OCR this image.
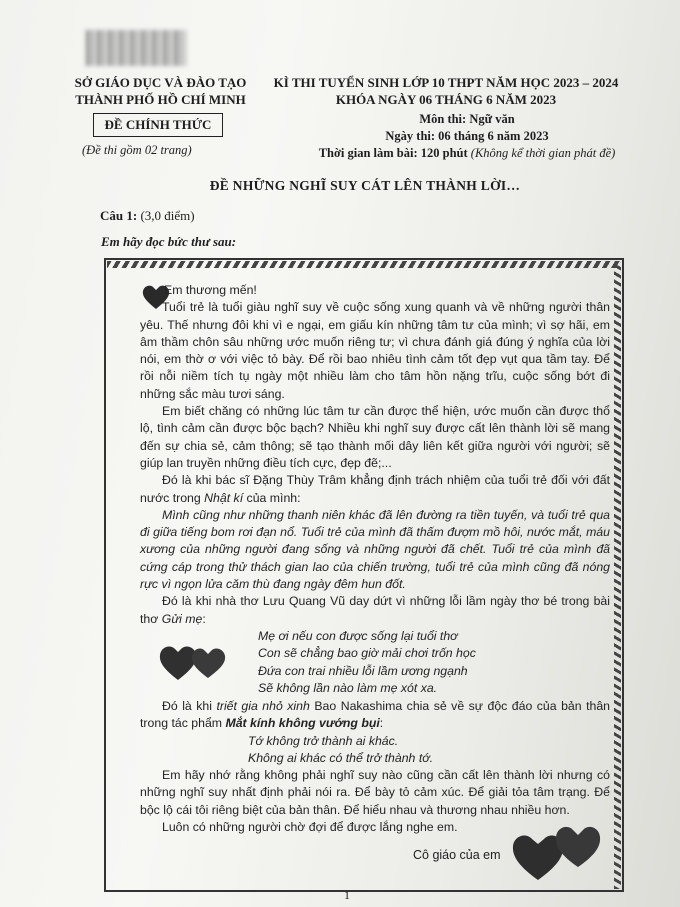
SỞ GIÁO DỤC VÀ ĐÀO TẠO
THÀNH PHỐ HỒ CHÍ MINH
ĐỀ CHÍNH THỨC
(Đề thi gồm 02 trang)
KÌ THI TUYỂN SINH LỚP 10 THPT NĂM HỌC 2023 – 2024
KHÓA NGÀY 06 THÁNG 6 NĂM 2023
Môn thi: Ngữ văn
Ngày thi: 06 tháng 6 năm 2023
Thời gian làm bài: 120 phút (Không kể thời gian phát đề)
ĐỀ NHỮNG NGHĨ SUY CÁT LÊN THÀNH LỜI…
Câu 1: (3,0 điểm)
Em hãy đọc bức thư sau:

Em thương mến!

Tuổi trẻ là tuổi giàu nghĩ suy về cuộc sống xung quanh và về những người thân yêu. Thế nhưng đôi khi vì e ngại, em giấu kín những tâm tư của mình; vì sợ hãi, em âm thầm chôn sâu những ước muốn riêng tư; vì chưa đánh giá đúng ý nghĩa của lời nói, em thờ ơ với việc tỏ bày. Để rồi bao nhiêu tình cảm tốt đẹp vụt qua tầm tay. Để rồi nỗi niềm tích tụ ngày một nhiều làm cho tâm hồn nặng trĩu, cuộc sống bớt đi những sắc màu tươi sáng.

Em biết chăng có những lúc tâm tư cần được thể hiện, ước muốn cần được thổ lộ, tình cảm cần được bộc bạch? Nhiều khi nghĩ suy được cất lên thành lời sẽ mang đến sự chia sẻ, cảm thông; sẽ tạo thành mối dây liên kết giữa người với người; sẽ giúp lan truyền những điều tích cực, đẹp đẽ;...

Đó là khi bác sĩ Đặng Thùy Trâm khẳng định trách nhiệm của tuổi trẻ đối với đất nước trong Nhật kí của mình:

Mình cũng như những thanh niên khác đã lên đường ra tiền tuyến, và tuổi trẻ qua đi giữa tiếng bom rơi đạn nổ. Tuổi trẻ của mình đã thấm đượm mồ hôi, nước mắt, máu xương của những người đang sống và những người đã chết. Tuổi trẻ của mình đã cứng cáp trong thử thách gian lao của chiến trường, tuổi trẻ của mình cũng đã nóng rực vì ngọn lửa căm thù đang ngày đêm hun đốt.

Đó là khi nhà thơ Lưu Quang Vũ day dứt vì những lỗi lầm ngày thơ bé trong bài thơ Gửi mẹ:

Mẹ ơi nếu con được sống lại tuổi thơ
Con sẽ chẳng bao giờ mải chơi trốn học
Đứa con trai nhiều lỗi lầm ương ngạnh
Sẽ không lần nào làm mẹ xót xa.

Đó là khi triết gia nhỏ xinh Bao Nakashima chia sẻ về sự độc đáo của bản thân trong tác phẩm Mắt kính không vướng bụi:

Tớ không trở thành ai khác.
Không ai khác có thể trở thành tớ.

Em hãy nhớ rằng không phải nghĩ suy nào cũng cần cất lên thành lời nhưng có những nghĩ suy nhất định phải nói ra. Để bày tỏ cảm xúc. Để giải tỏa tâm trạng. Để bộc lộ cái tôi riêng biệt của bản thân. Để hiểu nhau và thương nhau nhiều hơn.

Luôn có những người chờ đợi để được lắng nghe em.

Cô giáo của em
1
